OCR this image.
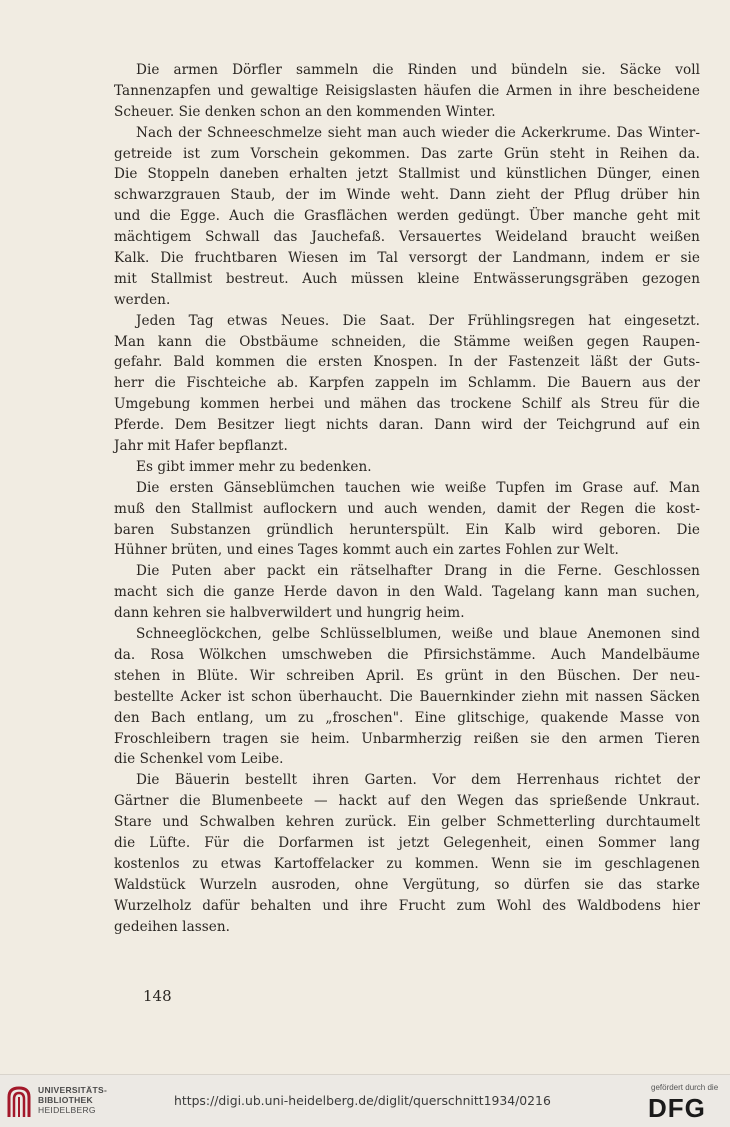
Die armen Dörfler sammeln die Rinden und bündeln sie. Säcke voll
Tannenzapfen und gewaltige Reisigslasten häufen die Armen in ihre bescheidene
Scheuer. Sie denken schon an den kommenden Winter.
Nach der Schneeschmelze sieht man auch wieder die Ackerkrume. Das Winter-
getreide ist zum Vorschein gekommen. Das zarte Grün steht in Reihen da.
Die Stoppeln daneben erhalten jetzt Stallmist und künstlichen Dünger, einen
schwarzgrauen Staub, der im Winde weht. Dann zieht der Pflug drüber hin
und die Egge. Auch die Grasflächen werden gedüngt. Über manche geht mit
mächtigem Schwall das Jauchefaß. Versauertes Weideland braucht weißen
Kalk. Die fruchtbaren Wiesen im Tal versorgt der Landmann, indem er sie
mit Stallmist bestreut. Auch müssen kleine Entwässerungsgräben gezogen
werden.
Jeden Tag etwas Neues. Die Saat. Der Frühlingsregen hat eingesetzt.
Man kann die Obstbäume schneiden, die Stämme weißen gegen Raupen-
gefahr. Bald kommen die ersten Knospen. In der Fastenzeit läßt der Guts-
herr die Fischteiche ab. Karpfen zappeln im Schlamm. Die Bauern aus der
Umgebung kommen herbei und mähen das trockene Schilf als Streu für die
Pferde. Dem Besitzer liegt nichts daran. Dann wird der Teichgrund auf ein
Jahr mit Hafer bepflanzt.
Es gibt immer mehr zu bedenken.
Die ersten Gänseblümchen tauchen wie weiße Tupfen im Grase auf. Man
muß den Stallmist auflockern und auch wenden, damit der Regen die kost-
baren Substanzen gründlich herunterspült. Ein Kalb wird geboren. Die
Hühner brüten, und eines Tages kommt auch ein zartes Fohlen zur Welt.
Die Puten aber packt ein rätselhafter Drang in die Ferne. Geschlossen
macht sich die ganze Herde davon in den Wald. Tagelang kann man suchen,
dann kehren sie halbverwildert und hungrig heim.
Schneeglöckchen, gelbe Schlüsselblumen, weiße und blaue Anemonen sind
da. Rosa Wölkchen umschweben die Pfirsichstämme. Auch Mandelbäume
stehen in Blüte. Wir schreiben April. Es grünt in den Büschen. Der neu-
bestellte Acker ist schon überhaucht. Die Bauernkinder ziehn mit nassen Säcken
den Bach entlang, um zu „froschen". Eine glitschige, quakende Masse von
Froschleibern tragen sie heim. Unbarmherzig reißen sie den armen Tieren
die Schenkel vom Leibe.
Die Bäuerin bestellt ihren Garten. Vor dem Herrenhaus richtet der
Gärtner die Blumenbeete — hackt auf den Wegen das sprießende Unkraut.
Stare und Schwalben kehren zurück. Ein gelber Schmetterling durchtaumelt
die Lüfte. Für die Dorfarmen ist jetzt Gelegenheit, einen Sommer lang
kostenlos zu etwas Kartoffelacker zu kommen. Wenn sie im geschlagenen
Waldstück Wurzeln ausroden, ohne Vergütung, so dürfen sie das starke
Wurzelholz dafür behalten und ihre Frucht zum Wohl des Waldbodens hier
gedeihen lassen.
148
UNIVERSITÄTS-
BIBLIOTHEK
HEIDELBERG
https://digi.ub.uni-heidelberg.de/diglit/querschnitt1934/0216
gefördert durch die
DFG
